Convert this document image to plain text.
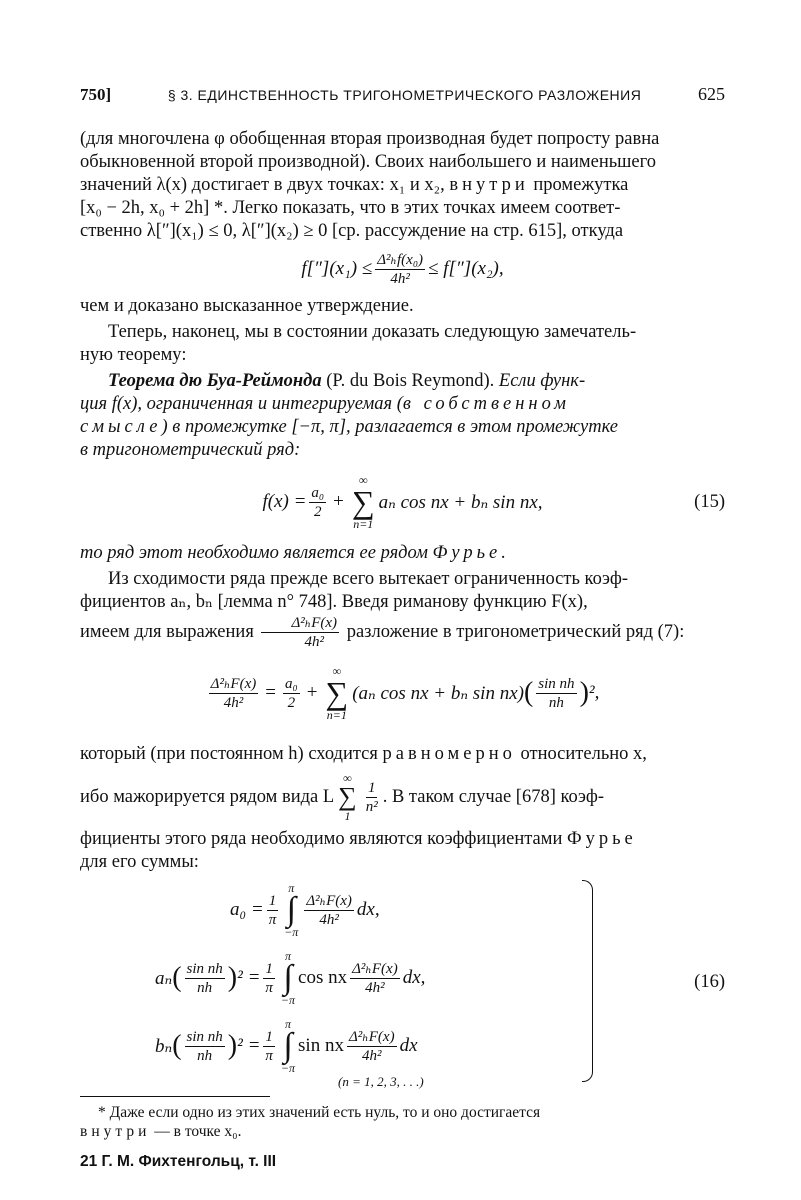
750]	§ 3. ЕДИНСТВЕННОСТЬ ТРИГОНОМЕТРИЧЕСКОГО РАЗЛОЖЕНИЯ	625

(для многочлена φ обобщенная вторая производная будет попросту равна
обыкновенной второй производной). Своих наибольшего и наименьшего
значений λ(x) достигает в двух точках: x₁ и x₂, внутри промежутка
[x₀ − 2h, x₀ + 2h] *. Легко показать, что в этих точках имеем соответ-
ственно λ[″](x₁) ≤ 0, λ[″](x₂) ≥ 0 [ср. рассуждение на стр. 615], откуда

$f[''](x_1) \le \frac{\text{Δ²ₕf(x₀)}}{\text{4h²}} \le f[''](x_2)$,

чем и доказано высказанное утверждение.

Теперь, наконец, мы в состоянии доказать следующую замечатель-
ную теорему:

Теорема дю Буа-Реймонда (P. du Bois Reymond). Если функ-
ция f(x), ограниченная и интегрируемая (в собственном
смысле) в промежутке [−π, π], разлагается в этом промежутке
в тригонометрический ряд:

$f(x) = \frac{\text{a₀}}{2}$ +
∞
∑
n=1
aₙ cos nx + bₙ sin nx,	(15)

то ряд этот необходимо является ее рядом Фурье.

Из сходимости ряда прежде всего вытекает ограниченность коэф-
фициентов aₙ, bₙ [лемма n° 748]. Введя риманову функцию F(x),
имеем для выражения $\frac{\text{Δ²ₕF(x)}}{\text{4h²}}$ разложение в тригонометрический ряд (7):

$\frac{\text{Δ²ₕF(x)}}{\text{4h²}} = \frac{\text{a₀}}{2}$ +
∞
∑
n=1
(aₙ cos nx + bₙ sin nx) ( $\frac{\text{sin nh}}{nh}$ ) ²,

который (при постоянном h) сходится равномерно относительно x,

ибо мажорируется рядом вида L
∞
∑
1
$\frac{1}{\text{n²}}$ . В таком случае [678] коэф-

фициенты этого ряда необходимо являются коэффициентами Фурье
для его суммы:

(16)
$a_0 = \frac{1}{\pi}$
π
∫
−π
$\frac{\text{Δ²ₕF(x)}}{\text{4h²}}$ dx,
aₙ ( $\frac{\text{sin nh}}{nh}$ ) $^2 = \frac{1}{\pi}$
π
∫
−π
cos nx $\frac{\text{Δ²ₕF(x)}}{\text{4h²}}$ dx,
bₙ ( $\frac{\text{sin nh}}{nh}$ ) $^2 = \frac{1}{\pi}$
π
∫
−π
sin nx $\frac{\text{Δ²ₕF(x)}}{\text{4h²}}$ dx
(n = 1, 2, 3, . . .)
* Даже если одно из этих значений есть нуль, то и оно достигается
внутри — в точке x₀.
21 Г. М. Фихтенгольц, т. III
